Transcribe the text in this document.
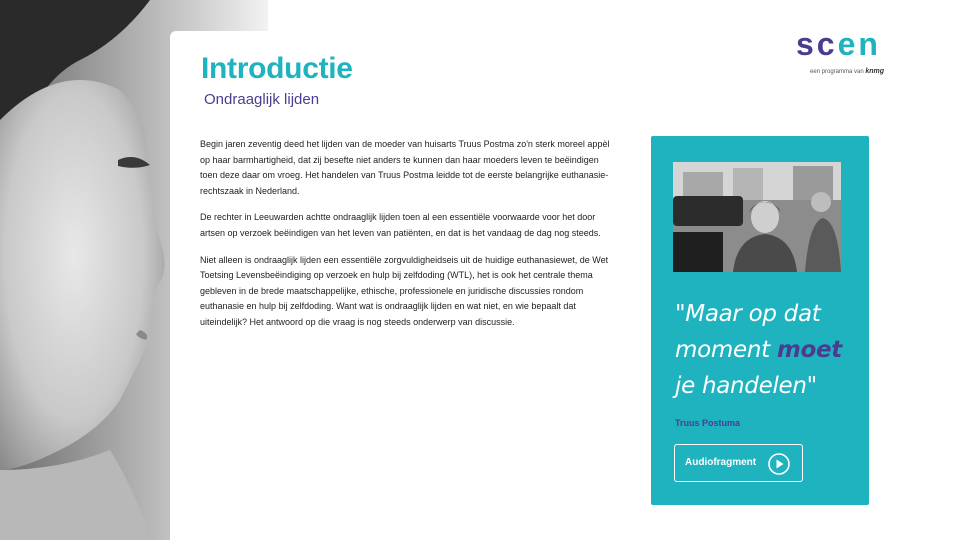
Introductie
Ondraaglijk lijden
scen
een programma van knmg

Begin jaren zeventig deed het lijden van de moeder van huisarts Truus Postma zo'n sterk moreel appèl op haar barmhartigheid, dat zij besefte niet anders te kunnen dan haar moeders leven te beëindigen toen deze daar om vroeg. Het handelen van Truus Postma leidde tot de eerste belangrijke euthanasie-rechtszaak in Nederland.

De rechter in Leeuwarden achtte ondraaglijk lijden toen al een essentiële voorwaarde voor het door artsen op verzoek beëindigen van het leven van patiënten, en dat is het vandaag de dag nog steeds.

Niet alleen is ondraaglijk lijden een essentiële zorgvuldigheidseis uit de huidige euthanasiewet, de Wet Toetsing Levensbeëindiging op verzoek en hulp bij zelfdoding (WTL), het is ook het centrale thema gebleven in de brede maatschappelijke, ethische, professionele en juridische discussies rondom euthanasie en hulp bij zelfdoding. Want wat is ondraaglijk lijden en wat niet, en wie bepaalt dat uiteindelijk? Het antwoord op die vraag is nog steeds onderwerp van discussie.	"Maar op dat moment moet je handelen"
Truus Postuma
Audiofragment
